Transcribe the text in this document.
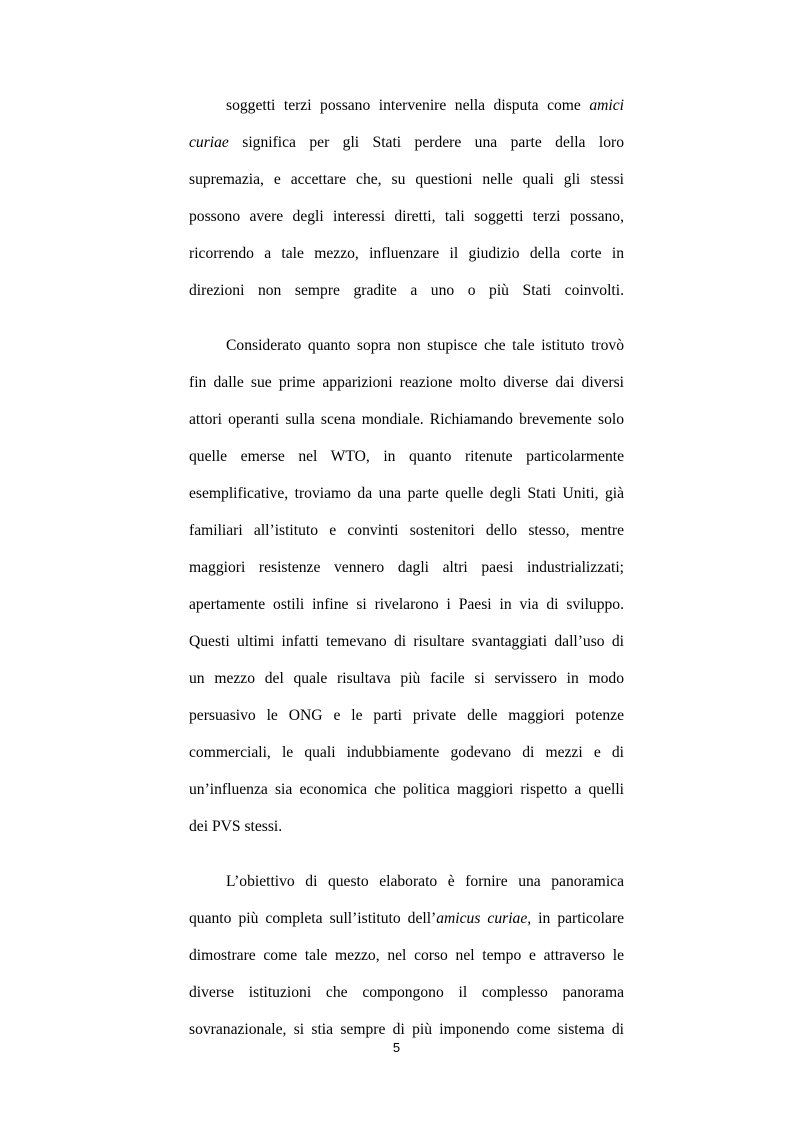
soggetti terzi possano intervenire nella disputa come amici
curiae significa per gli Stati perdere una parte della loro
supremazia, e accettare che, su questioni nelle quali gli stessi
possono avere degli interessi diretti, tali soggetti terzi possano,
ricorrendo a tale mezzo, influenzare il giudizio della corte in
direzioni non sempre gradite a uno o più Stati coinvolti.
Considerato quanto sopra non stupisce che tale istituto trovò
fin dalle sue prime apparizioni reazione molto diverse dai diversi
attori operanti sulla scena mondiale. Richiamando brevemente solo
quelle emerse nel WTO, in quanto ritenute particolarmente
esemplificative, troviamo da una parte quelle degli Stati Uniti, già
familiari all’istituto e convinti sostenitori dello stesso, mentre
maggiori resistenze vennero dagli altri paesi industrializzati;
apertamente ostili infine si rivelarono i Paesi in via di sviluppo.
Questi ultimi infatti temevano di risultare svantaggiati dall’uso di
un mezzo del quale risultava più facile si servissero in modo
persuasivo le ONG e le parti private delle maggiori potenze
commerciali, le quali indubbiamente godevano di mezzi e di
un’influenza sia economica che politica maggiori rispetto a quelli
dei PVS stessi.
L’obiettivo di questo elaborato è fornire una panoramica
quanto più completa sull’istituto dell’amicus curiae, in particolare
dimostrare come tale mezzo, nel corso nel tempo e attraverso le
diverse istituzioni che compongono il complesso panorama
sovranazionale, si stia sempre di più imponendo come sistema di
5
